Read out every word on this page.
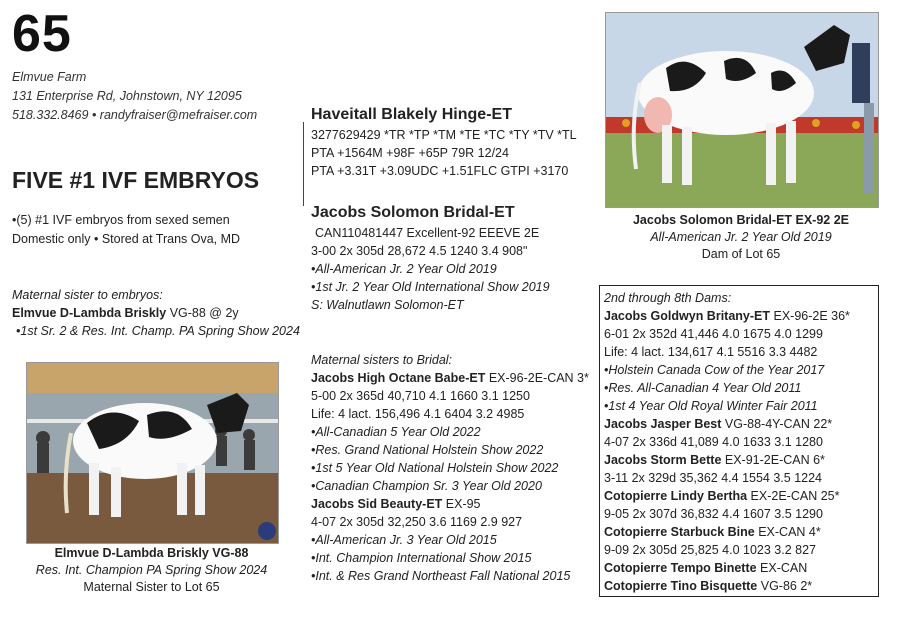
65
Elmvue Farm
131 Enterprise Rd, Johnstown, NY 12095
518.332.8469 • randyfraiser@mefraiser.com
FIVE #1 IVF EMBRYOS
•(5) #1 IVF embryos from sexed semen
Domestic only • Stored at Trans Ova, MD
Maternal sister to embryos:
Elmvue D-Lambda Briskly VG-88 @ 2y
•1st Sr. 2 & Res. Int. Champ. PA Spring Show 2024
Elmvue D-Lambda Briskly VG-88
Res. Int. Champion PA Spring Show 2024
Maternal Sister to Lot 65
Haveitall Blakely Hinge-ET
3277629429 *TR *TP *TM *TE *TC *TY *TV *TL
PTA +1564M +98F +65P 79R 12/24
PTA +3.31T +3.09UDC +1.51FLC GTPI +3170
Jacobs Solomon Bridal-ET
CAN110481447 Excellent-92 EEEVE 2E
3-00 2x 305d 28,672 4.5 1240 3.4 908"
•All-American Jr. 2 Year Old 2019
•1st Jr. 2 Year Old International Show 2019
S: Walnutlawn Solomon-ET
Jacobs Solomon Bridal-ET EX-92 2E
All-American Jr. 2 Year Old 2019
Dam of Lot 65
Maternal sisters to Bridal:
Jacobs High Octane Babe-ET EX-96-2E-CAN 3*
5-00 2x 365d 40,710 4.1 1660 3.1 1250
Life: 4 lact. 156,496 4.1 6404 3.2 4985
•All-Canadian 5 Year Old 2022
•Res. Grand National Holstein Show 2022
•1st 5 Year Old National Holstein Show 2022
•Canadian Champion Sr. 3 Year Old 2020
Jacobs Sid Beauty-ET EX-95
4-07 2x 305d 32,250 3.6 1169 2.9 927
•All-American Jr. 3 Year Old 2015
•Int. Champion International Show 2015
•Int. & Res Grand Northeast Fall National 2015
2nd through 8th Dams:
Jacobs Goldwyn Britany-ET EX-96-2E 36*
6-01 2x 352d 41,446 4.0 1675 4.0 1299
Life: 4 lact. 134,617 4.1 5516 3.3 4482
•Holstein Canada Cow of the Year 2017
•Res. All-Canadian 4 Year Old 2011
•1st 4 Year Old Royal Winter Fair 2011
Jacobs Jasper Best VG-88-4Y-CAN 22*
4-07 2x 336d 41,089 4.0 1633 3.1 1280
Jacobs Storm Bette EX-91-2E-CAN 6*
3-11 2x 329d 35,362 4.4 1554 3.5 1224
Cotopierre Lindy Bertha EX-2E-CAN 25*
9-05 2x 307d 36,832 4.4 1607 3.5 1290
Cotopierre Starbuck Bine EX-CAN 4*
9-09 2x 305d 25,825 4.0 1023 3.2 827
Cotopierre Tempo Binette EX-CAN
Cotopierre Tino Bisquette VG-86 2*
